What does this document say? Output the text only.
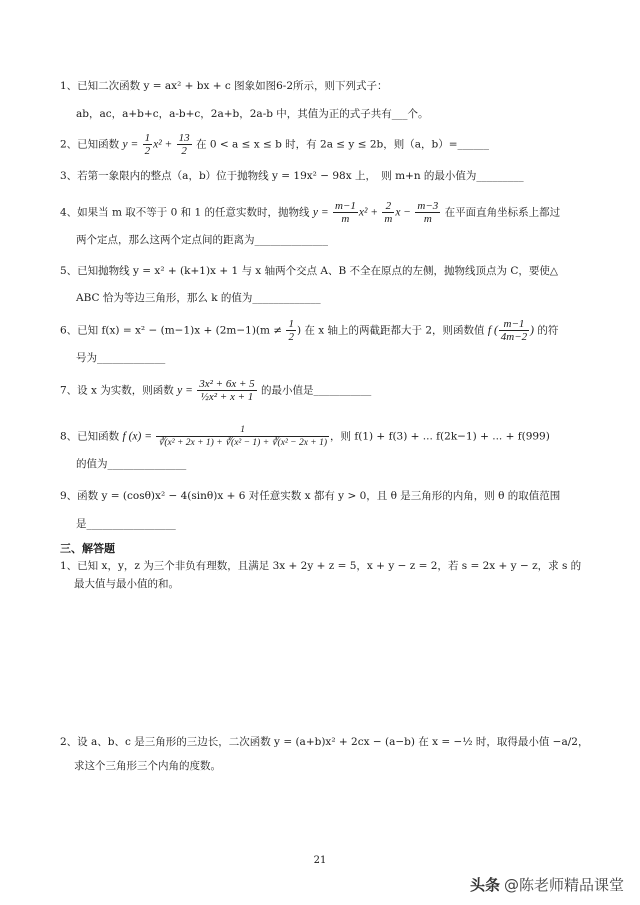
1、已知二次函数 y = ax² + bx + c 图象如图6-2所示，则下列式子：
ab，ac，a+b+c，a-b+c，2a+b，2a-b 中，其值为正的式子共有___个。
2、已知函数 $y = \frac{1}{2} x^2 + \frac{13}{2}$ 在 0 < a ≤ x ≤ b 时，有 2a ≤ y ≤ 2b，则（a，b）=______
3、若第一象限内的整点（a，b）位于抛物线 y = 19x² − 98x 上，　则 m+n 的最小值为_________
4、如果当 m 取不等于 0 和 1 的任意实数时，抛物线 $y = \frac{m-1}{m} x^2 + \frac{2}{m}$ $x - \frac{m-3}{m}$ 在平面直角坐标系上都过
两个定点，那么这两个定点间的距离为______________
5、已知抛物线 y = x² + (k+1)x + 1 与 x 轴两个交点 A、B 不全在原点的左侧，抛物线顶点为 C，要使△
ABC 恰为等边三角形，那么 k 的值为_____________
6、已知 $f(x) = x^2 - (m-1)x + (2m-1)(m \ne \frac{1}{2}$ ) 在 x 轴上的两截距都大于 2，则函数值 f ( $\frac{m-1}{4m-2}$ ) 的符
号为_____________
7、设 x 为实数，则函数 $y = \frac{\text{3x² + 6x + 5}}{\text{½x² + x + 1}}$ 的最小值是___________
8、已知函数 f $(x) = \frac{1}{\text{∛(x² + 2x + 1) + ∛(x² − 1) + ∛(x² − 2x + 1)}}$ ，则 f(1) + f(3) + ... f(2k−1) + ... + f(999)
的值为_______________
9、函数 y = (cosθ)x² − 4(sinθ)x + 6 对任意实数 x 都有 y > 0，且 θ 是三角形的内角，则 θ 的取值范围
是_________________
三、解答题
1、已知 x，y，z 为三个非负有理数，且满足 3x + 2y + z = 5，x + y − z = 2，若 s = 2x + y − z，求 s 的
最大值与最小值的和。
2、设 a、b、c 是三角形的三边长，二次函数 y = (a+b)x² + 2cx − (a−b) 在 x = −½ 时，取得最小值 −a/2，
求这个三角形三个内角的度数。
21
头条 @陈老师精品课堂
